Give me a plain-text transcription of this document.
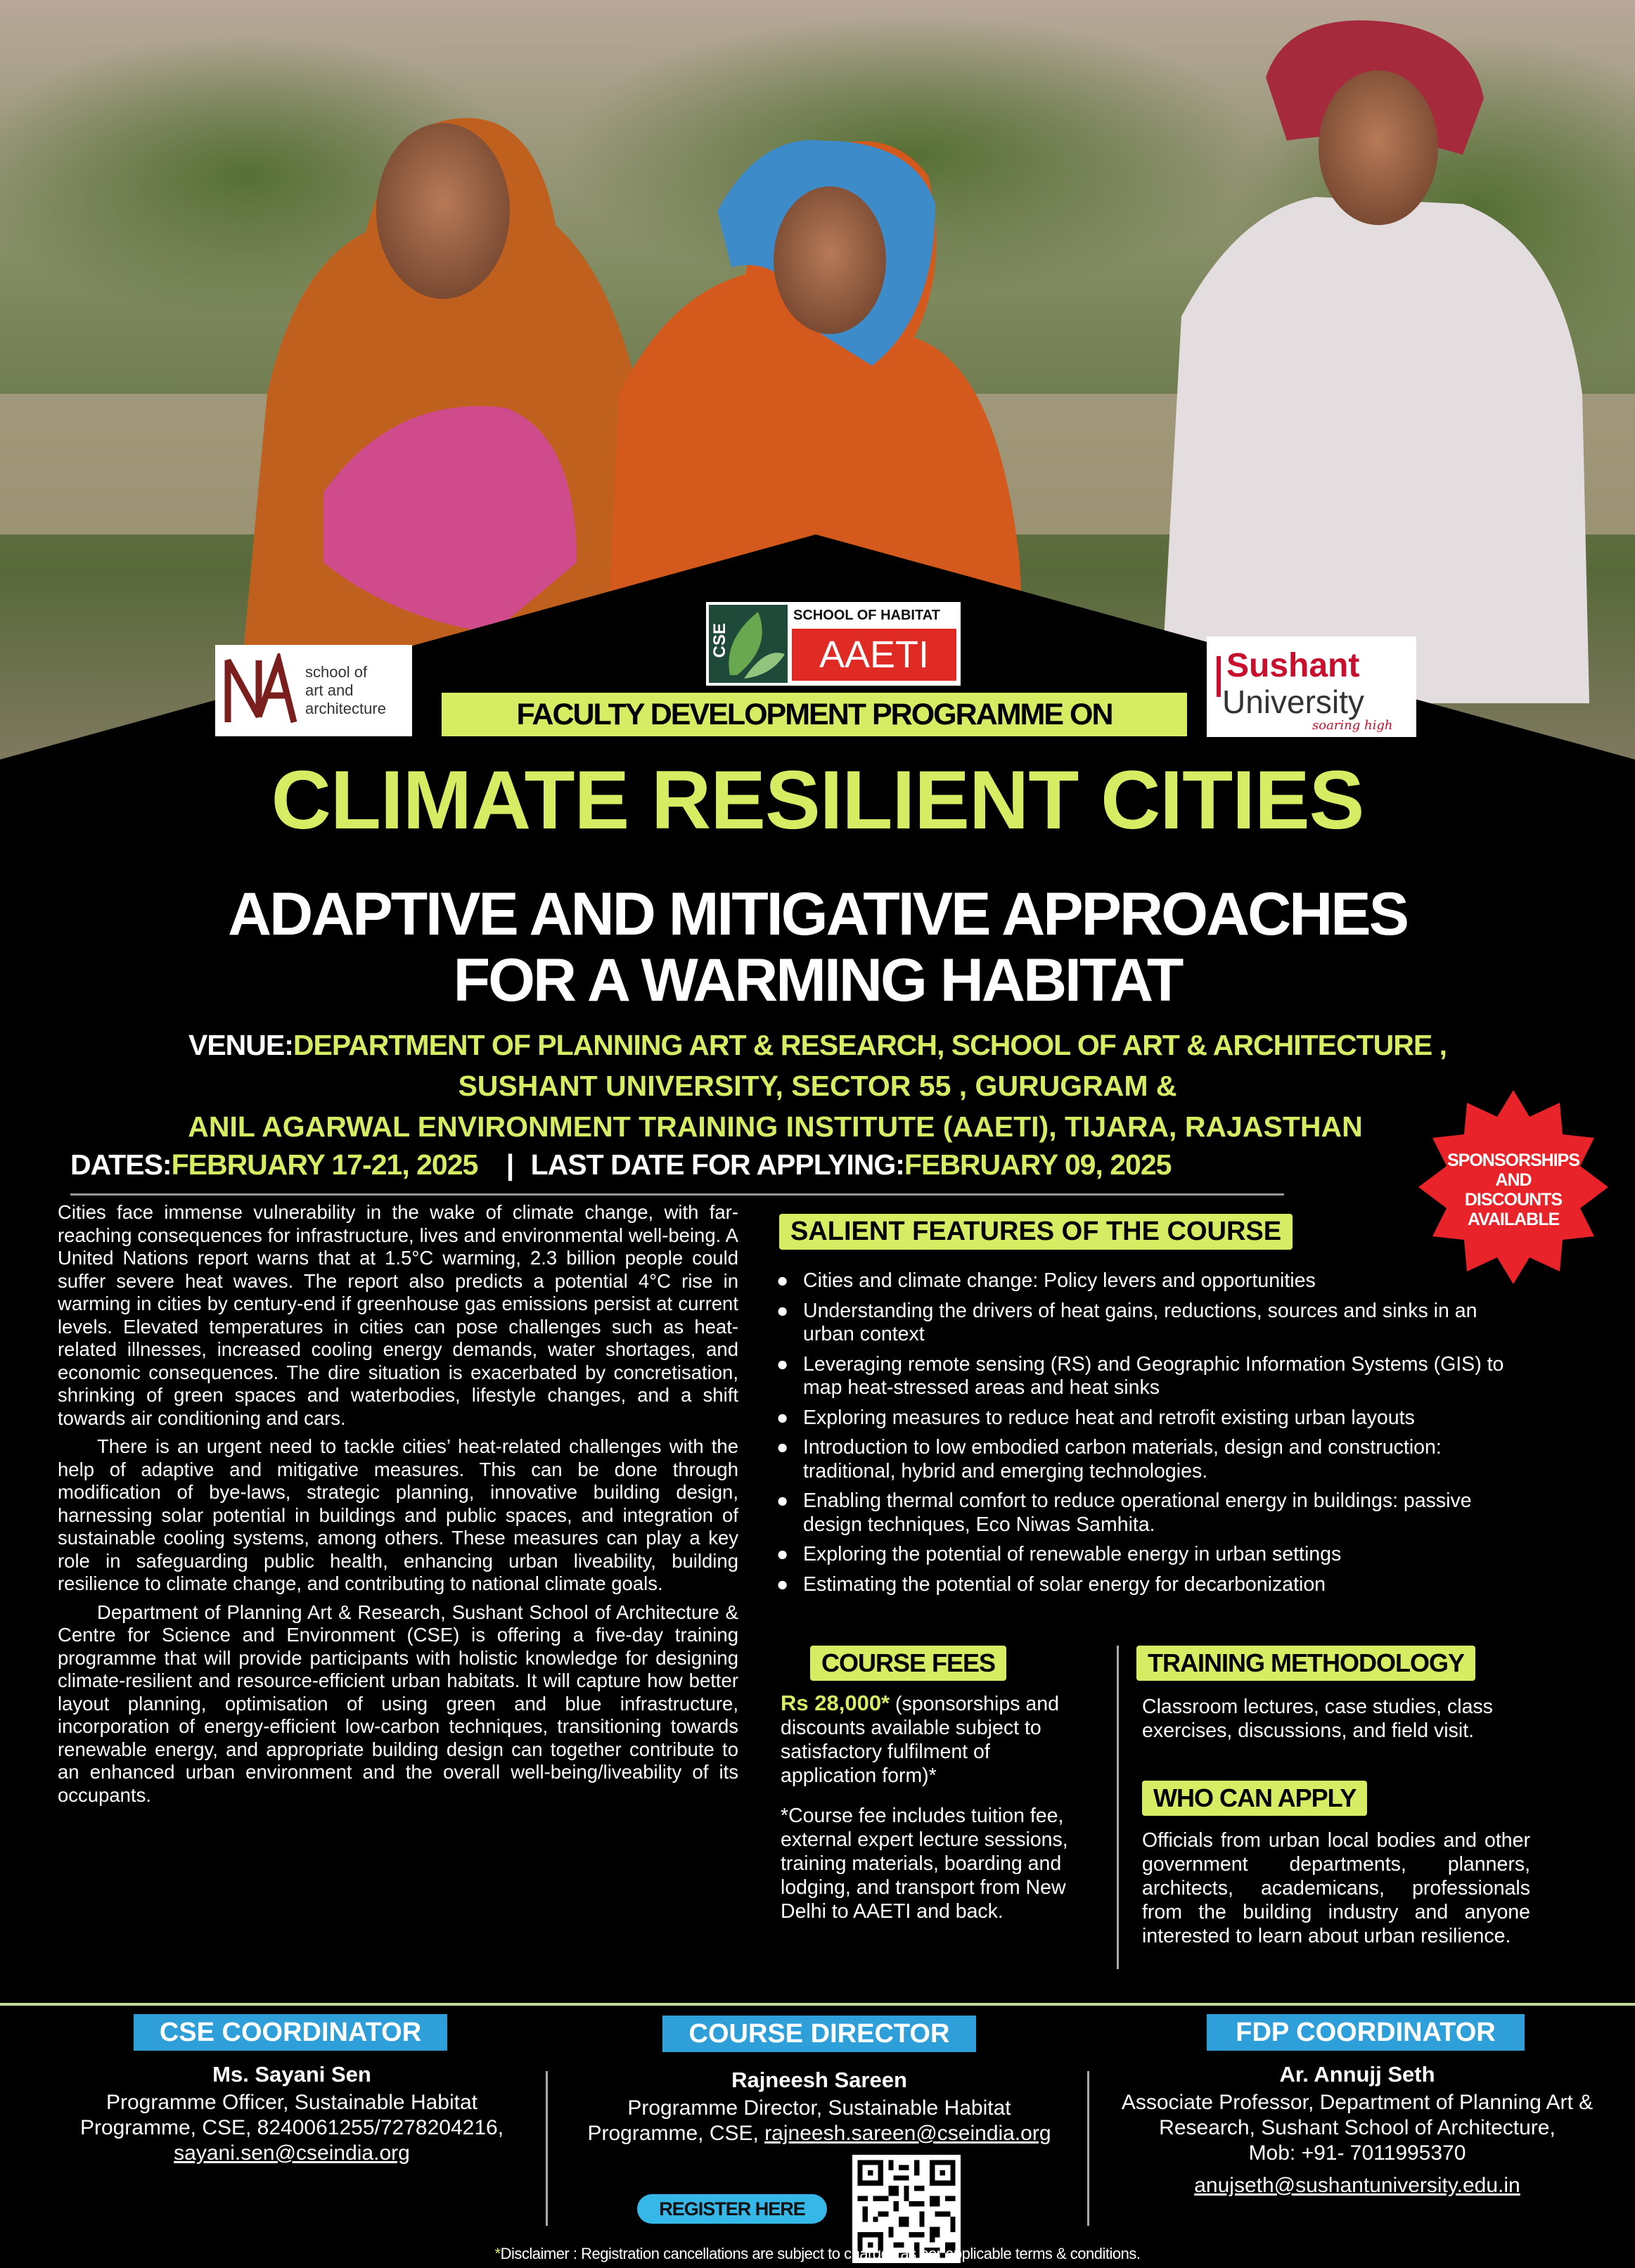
school of
art and
architecture
CSE
SCHOOL OF HABITAT
AAETI	Sushant
University
soaring high
FACULTY DEVELOPMENT PROGRAMME ON
CLIMATE RESILIENT CITIES
ADAPTIVE AND MITIGATIVE APPROACHES
FOR A WARMING HABITAT
VENUE:DEPARTMENT OF PLANNING ART & RESEARCH, SCHOOL OF ART & ARCHITECTURE ,
SUSHANT UNIVERSITY, SECTOR 55 , GURUGRAM &
ANIL AGARWAL ENVIRONMENT TRAINING INSTITUTE (AAETI), TIJARA, RAJASTHAN
DATES:FEBRUARY 17-21, 2025 | LAST DATE FOR APPLYING:FEBRUARY 09, 2025	SPONSORSHIPS
AND
DISCOUNTS
AVAILABLE

Cities face immense vulnerability in the wake of climate change, with far-reaching consequences for infrastructure, lives and environmental well-being. A United Nations report warns that at 1.5°C warming, 2.3 billion people could suffer severe heat waves. The report also predicts a potential 4°C rise in warming in cities by century-end if greenhouse gas emissions persist at current levels. Elevated temperatures in cities can pose challenges such as heat-related illnesses, increased cooling energy demands, water shortages, and economic consequences. The dire situation is exacerbated by concretisation, shrinking of green spaces and waterbodies, lifestyle changes, and a shift towards air conditioning and cars.

There is an urgent need to tackle cities’ heat-related challenges with the help of adaptive and mitigative measures. This can be done through modification of bye-laws, strategic planning, innovative building design, harnessing solar potential in buildings and public spaces, and integration of sustainable cooling systems, among others. These measures can play a key role in safeguarding public health, enhancing urban liveability, building resilience to climate change, and contributing to national climate goals.

Department of Planning Art & Research, Sushant School of Architecture & Centre for Science and Environment (CSE) is offering a five-day training programme that will provide participants with holistic knowledge for designing climate-resilient and resource-efficient urban habitats. It will capture how better layout planning, optimisation of using green and blue infrastructure, incorporation of energy-efficient low-carbon techniques, transitioning towards renewable energy, and appropriate building design can together contribute to an enhanced urban environment and the overall well-being/liveability of its occupants.

SALIENT FEATURES OF THE COURSE
● Cities and climate change: Policy levers and opportunities
● Understanding the drivers of heat gains, reductions, sources and sinks in an urban context
● Leveraging remote sensing (RS) and Geographic Information Systems (GIS) to map heat-stressed areas and heat sinks
● Exploring measures to reduce heat and retrofit existing urban layouts
● Introduction to low embodied carbon materials, design and construction: traditional, hybrid and emerging technologies.
● Enabling thermal comfort to reduce operational energy in buildings: passive design techniques, Eco Niwas Samhita.
● Exploring the potential of renewable energy in urban settings
● Estimating the potential of solar energy for decarbonization
COURSE FEES
Rs 28,000* (sponsorships and discounts available subject to satisfactory fulfilment of application form)*
*Course fee includes tuition fee, external expert lecture sessions, training materials, boarding and lodging, and transport from New Delhi to AAETI and back.
TRAINING METHODOLOGY
Classroom lectures, case studies, class exercises, discussions, and field visit.
WHO CAN APPLY
Officials from urban local bodies and other government departments, planners, architects, academicans, professionals from the building industry and anyone interested to learn about urban resilience.
CSE COORDINATOR
Ms. Sayani Sen
Programme Officer, Sustainable Habitat
Programme, CSE, 8240061255/7278204216,
sayani.sen@cseindia.org
COURSE DIRECTOR
Rajneesh Sareen
Programme Director, Sustainable Habitat
Programme, CSE, rajneesh.sareen@cseindia.org
FDP COORDINATOR
Ar. Annujj Seth
Associate Professor, Department of Planning Art &
Research, Sushant School of Architecture,
Mob: +91- 7011995370
anujseth@sushantuniversity.edu.in
REGISTER HERE
*Disclaimer : Registration cancellations are subject to charges as per applicable terms & conditions.
